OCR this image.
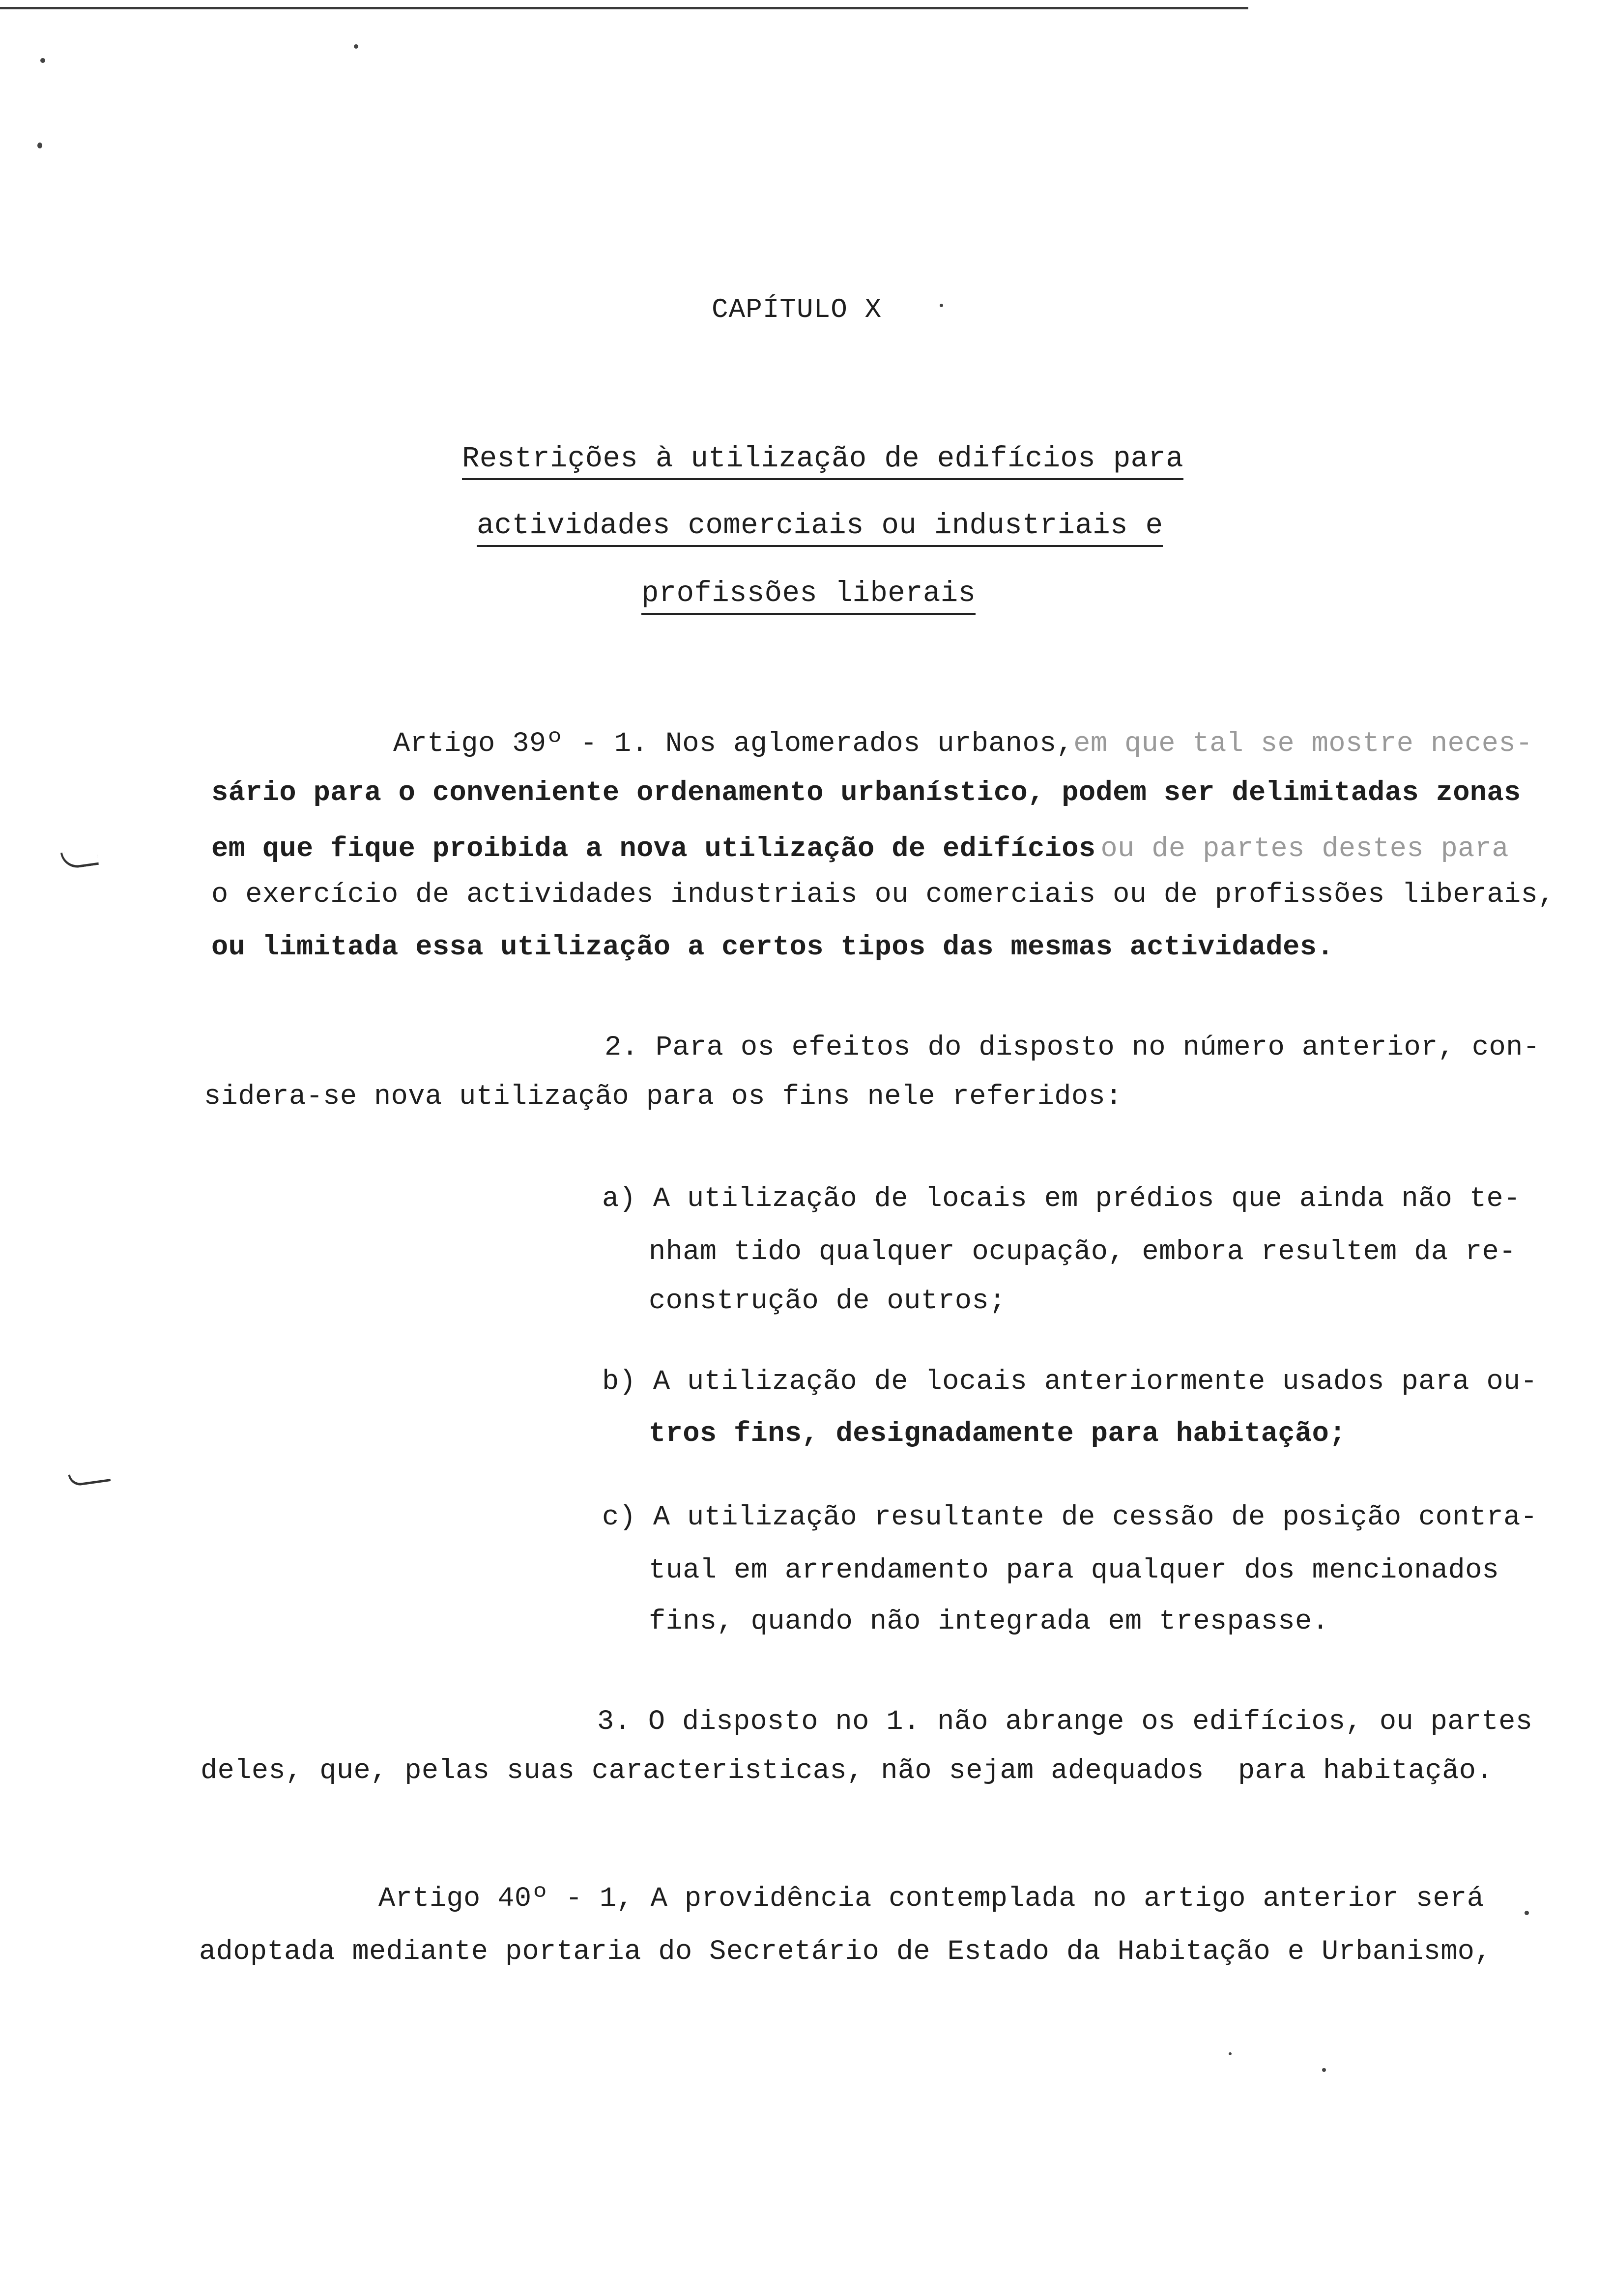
CAPÍTULO X
Restrições à utilização de edifícios para
actividades comerciais ou industriais e
profissões liberais
Artigo 39º - 1. Nos aglomerados urbanos, em que tal se mostre neces-
sário para o conveniente ordenamento urbanístico, podem ser delimitadas zonas
em que fique proibida a nova utilização de edifícios ou de partes destes para
o exercício de actividades industriais ou comerciais ou de profissões liberais,
ou limitada essa utilização a certos tipos das mesmas actividades.
2. Para os efeitos do disposto no número anterior, con-
sidera-se nova utilização para os fins nele referidos:
a) A utilização de locais em prédios que ainda não te-
nham tido qualquer ocupação, embora resultem da re-
construção de outros;
b) A utilização de locais anteriormente usados para ou-
tros fins, designadamente para habitação;
c) A utilização resultante de cessão de posição contra-
tual em arrendamento para qualquer dos mencionados
fins, quando não integrada em trespasse.
3. O disposto no 1. não abrange os edifícios, ou partes
deles, que, pelas suas caracteristicas, não sejam adequados  para habitação.
Artigo 40º - 1, A providência contemplada no artigo anterior será
adoptada mediante portaria do Secretário de Estado da Habitação e Urbanismo,
